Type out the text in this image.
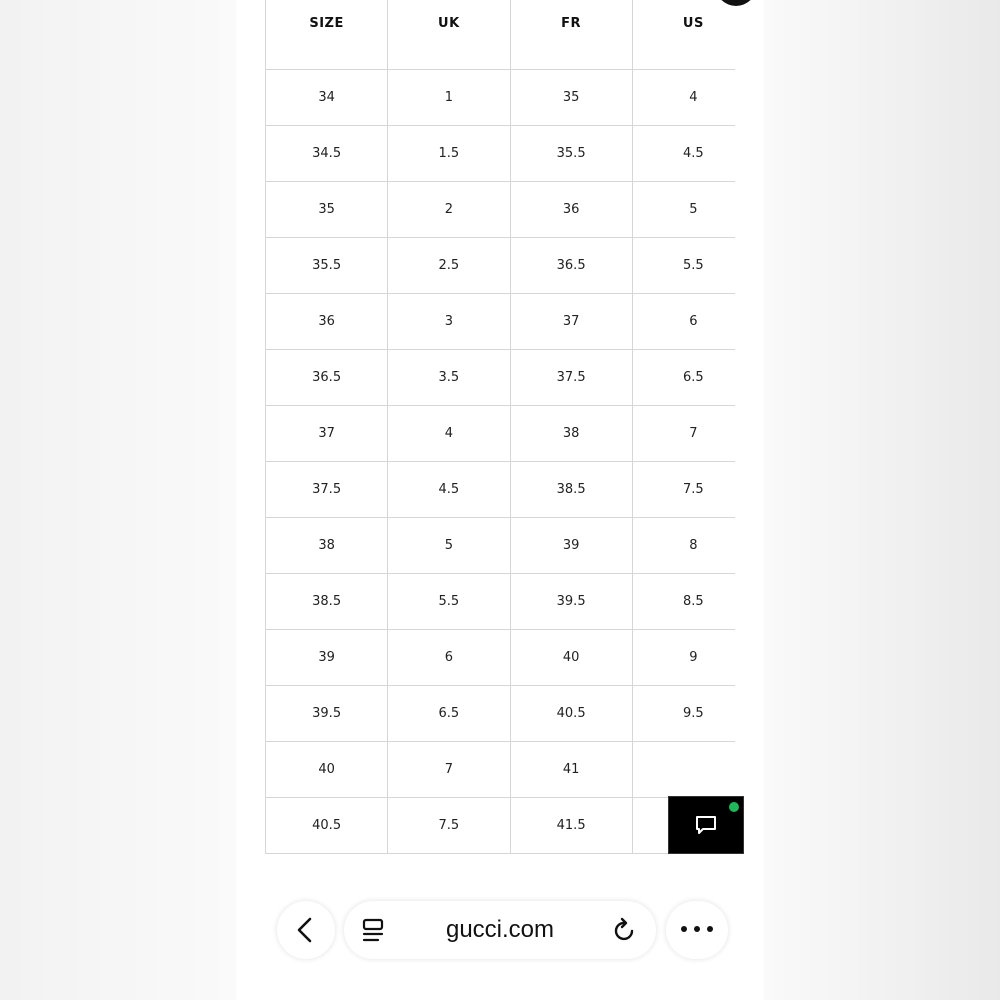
SIZE	UK	FR	US
34	1	35	4
34.5	1.5	35.5	4.5
35	2	36	5
35.5	2.5	36.5	5.5
36	3	37	6
36.5	3.5	37.5	6.5
37	4	38	7
37.5	4.5	38.5	7.5
38	5	39	8
38.5	5.5	39.5	8.5
39	6	40	9
39.5	6.5	40.5	9.5
40	7	41	
40.5	7.5	41.5	
gucci.com
